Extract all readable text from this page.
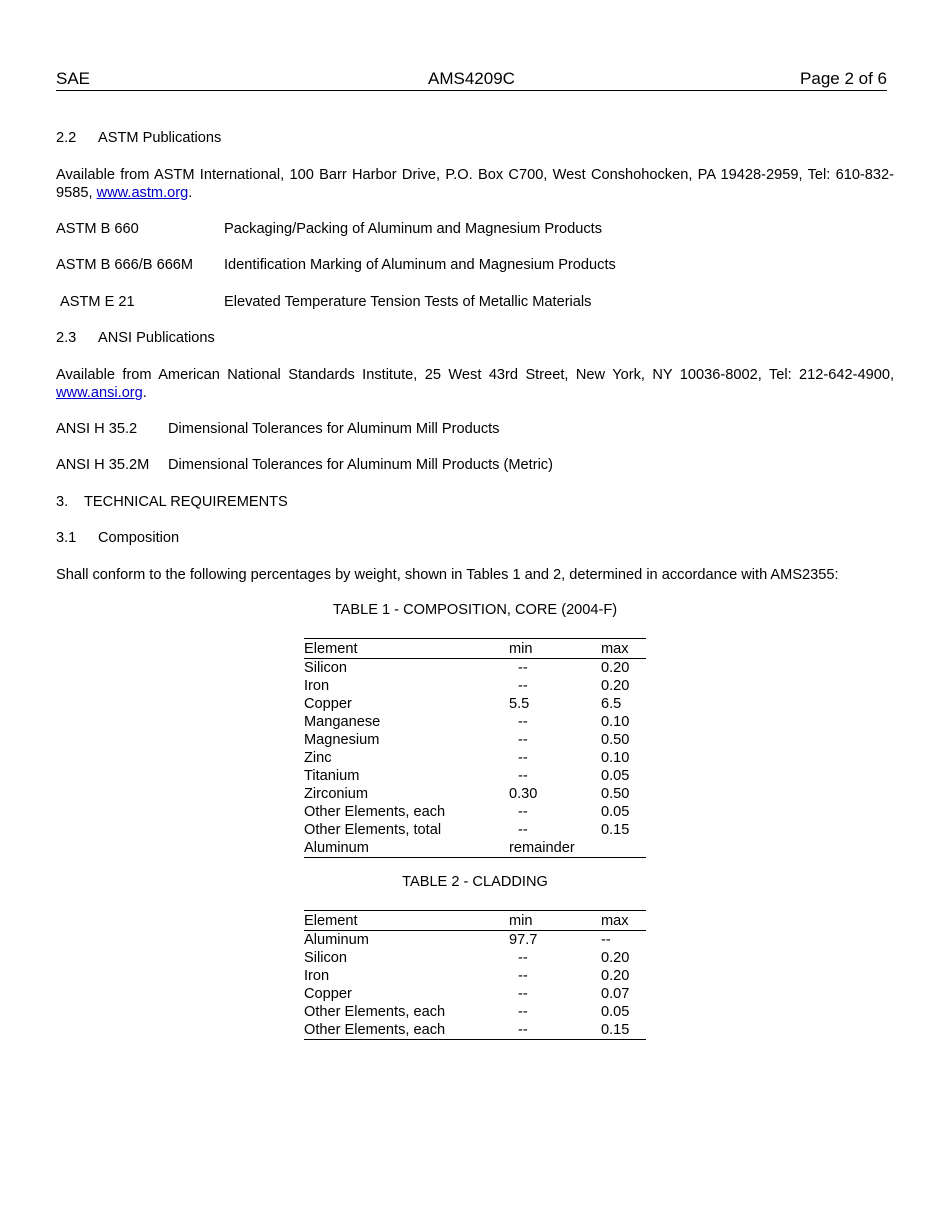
SAE	AMS4209C	Page 2 of 6
2.2 ASTM Publications
Available from ASTM International, 100 Barr Harbor Drive, P.O. Box C700, West Conshohocken, PA 19428-2959, Tel: 610-832-9585, www.astm.org.
ASTM B 660	Packaging/Packing of Aluminum and Magnesium Products
ASTM B 666/B 666M Identification Marking of Aluminum and Magnesium Products
ASTM E 21	Elevated Temperature Tension Tests of Metallic Materials
2.3 ANSI Publications
Available from American National Standards Institute, 25 West 43rd Street, New York, NY 10036-8002, Tel: 212-642-4900, www.ansi.org.
ANSI H 35.2 Dimensional Tolerances for Aluminum Mill Products
ANSI H 35.2M Dimensional Tolerances for Aluminum Mill Products (Metric)
3. TECHNICAL REQUIREMENTS
3.1 Composition
Shall conform to the following percentages by weight, shown in Tables 1 and 2, determined in accordance with AMS2355:
TABLE 1 - COMPOSITION, CORE (2004-F)
Element	min	max
Silicon	--	0.20
Iron	--	0.20
Copper	5.5	6.5
Manganese	--	0.10
Magnesium	--	0.50
Zinc	--	0.10
Titanium	--	0.05
Zirconium	0.30	0.50
Other Elements, each	--	0.05
Other Elements, total	--	0.15
Aluminum	remainder	
TABLE 2 - CLADDING
Element	min	max
Aluminum	97.7	--
Silicon	--	0.20
Iron	--	0.20
Copper	--	0.07
Other Elements, each	--	0.05
Other Elements, each	--	0.15
